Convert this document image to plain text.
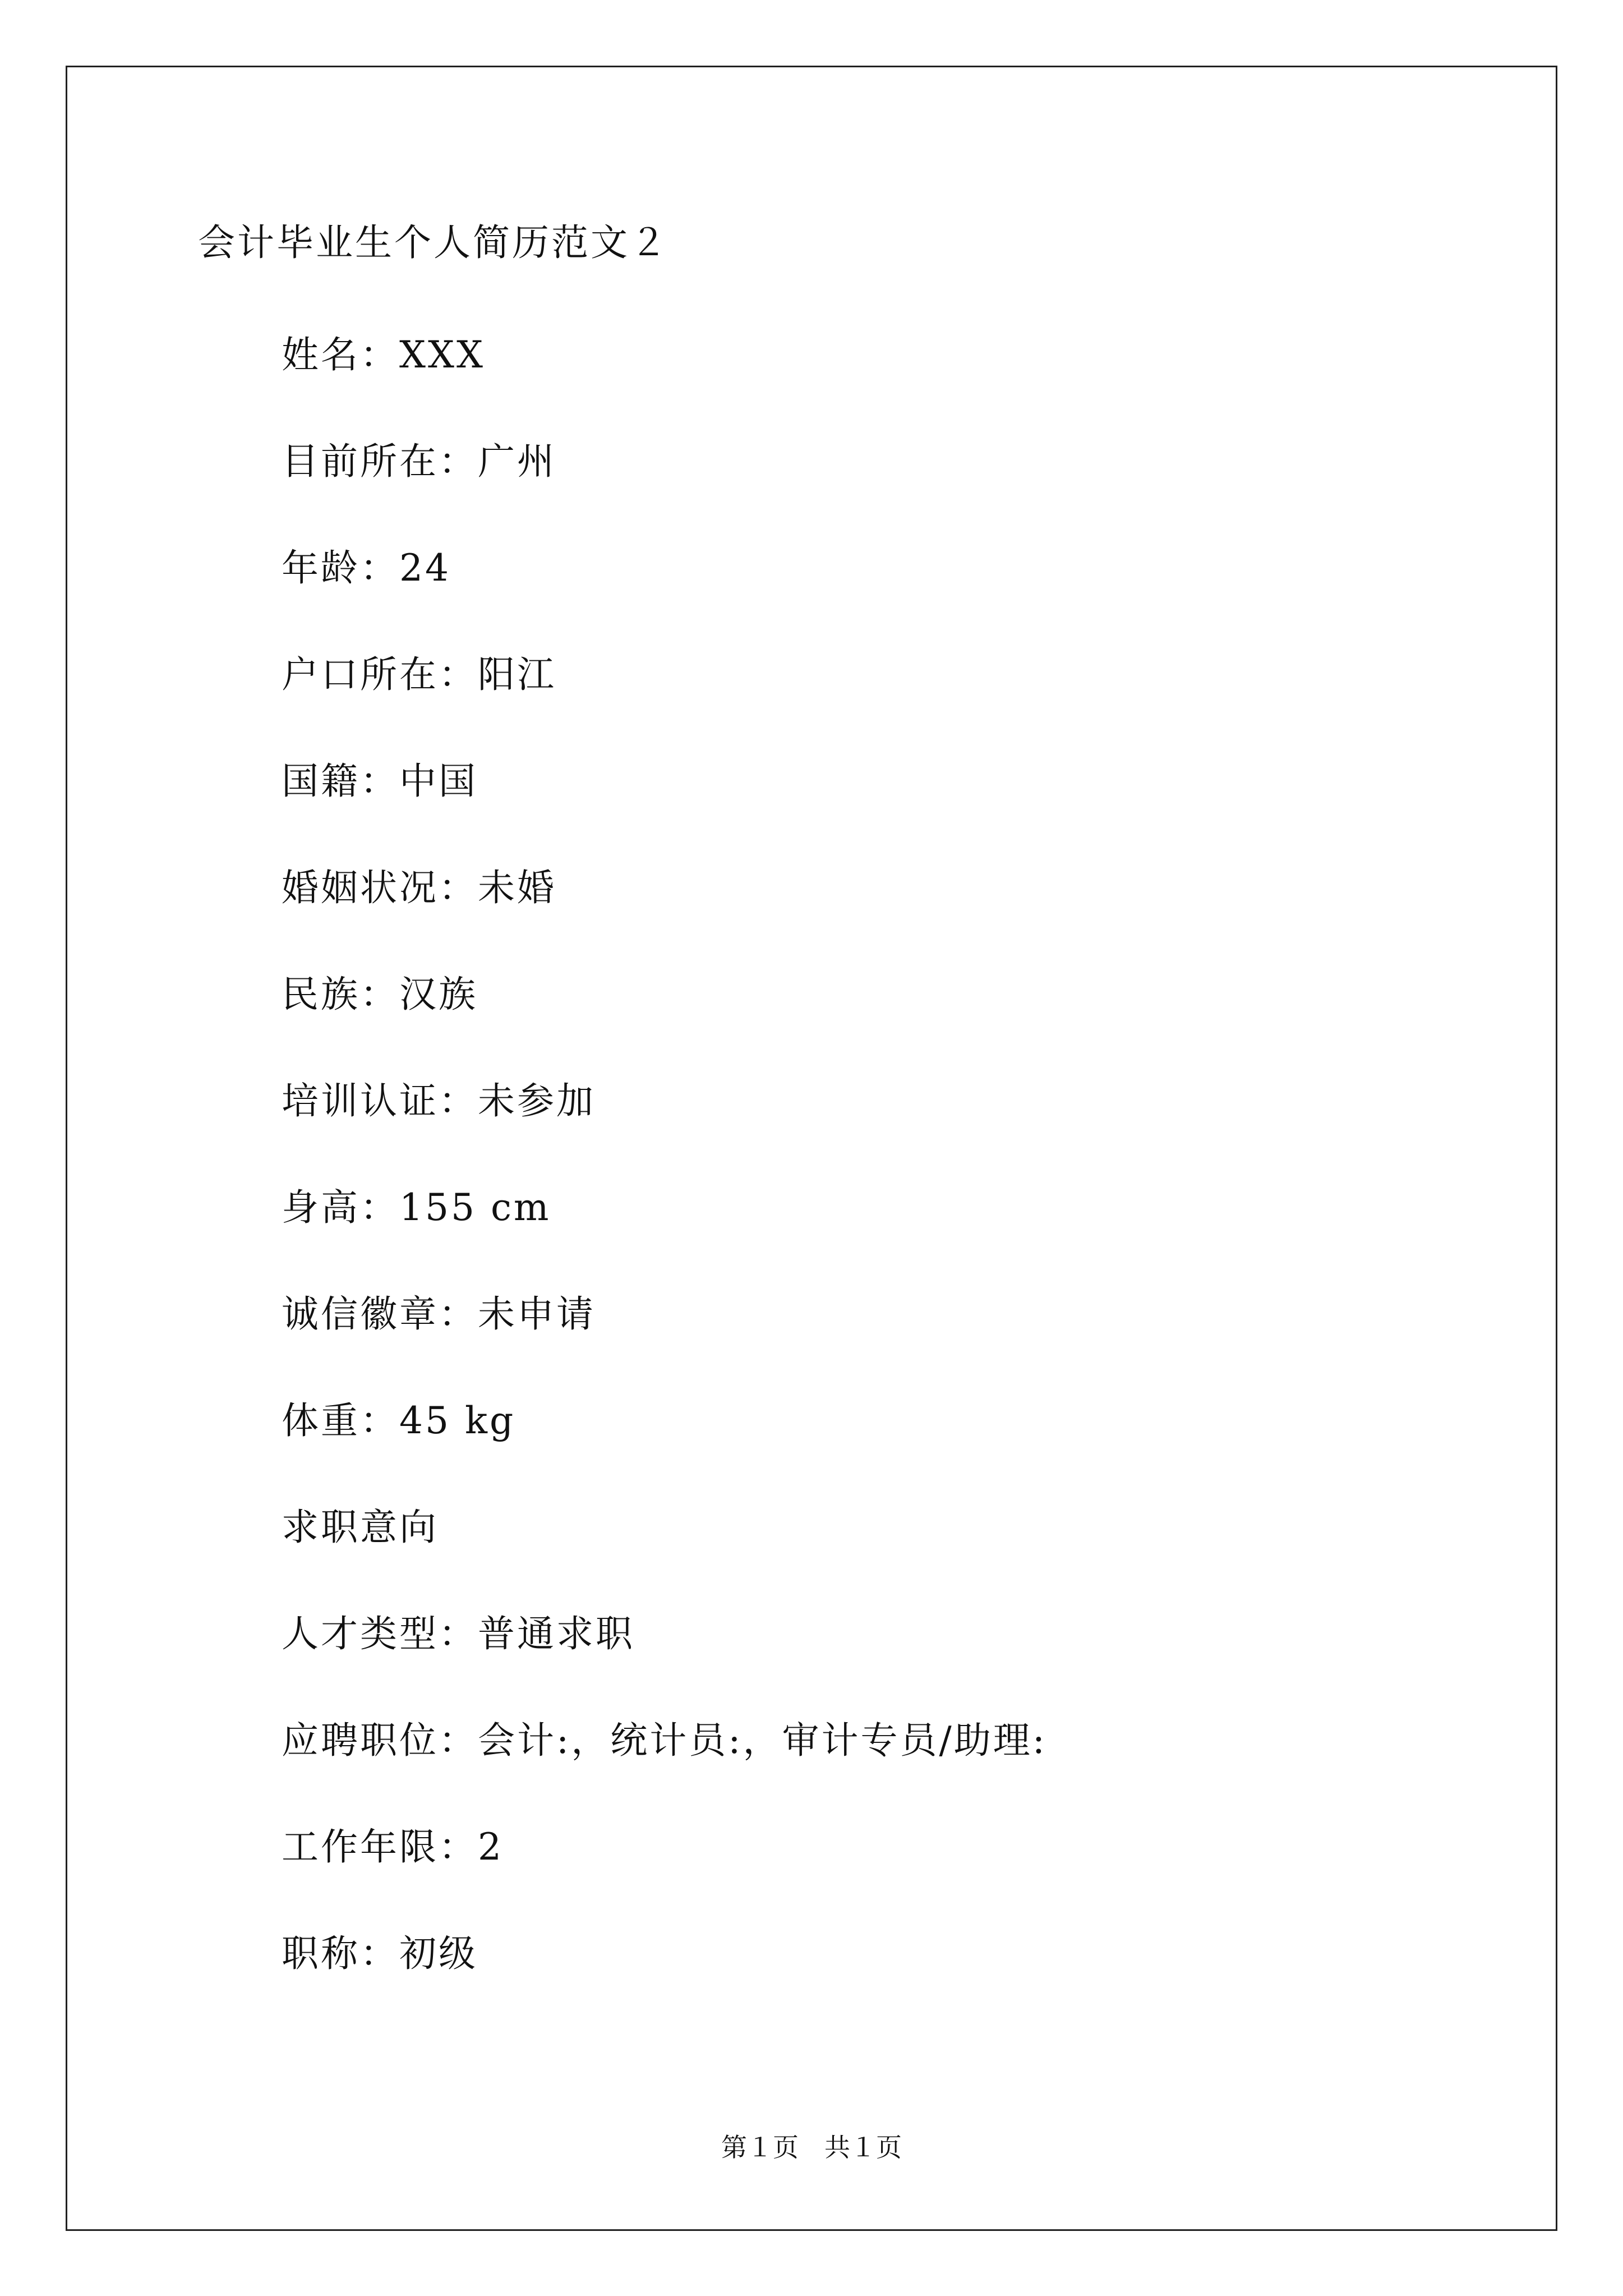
会计毕业生个人简历范文２
姓名：XXX
目前所在：广州
年龄：24
户口所在：阳江
国籍：中国
婚姻状况：未婚
民族：汉族
培训认证：未参加
身高：155 cm
诚信徽章：未申请
体重：45 kg
求职意向
人才类型：普通求职
应聘职位：会计:，统计员:，审计专员/助理:
工作年限：2
职称：初级
第１页　共１页
